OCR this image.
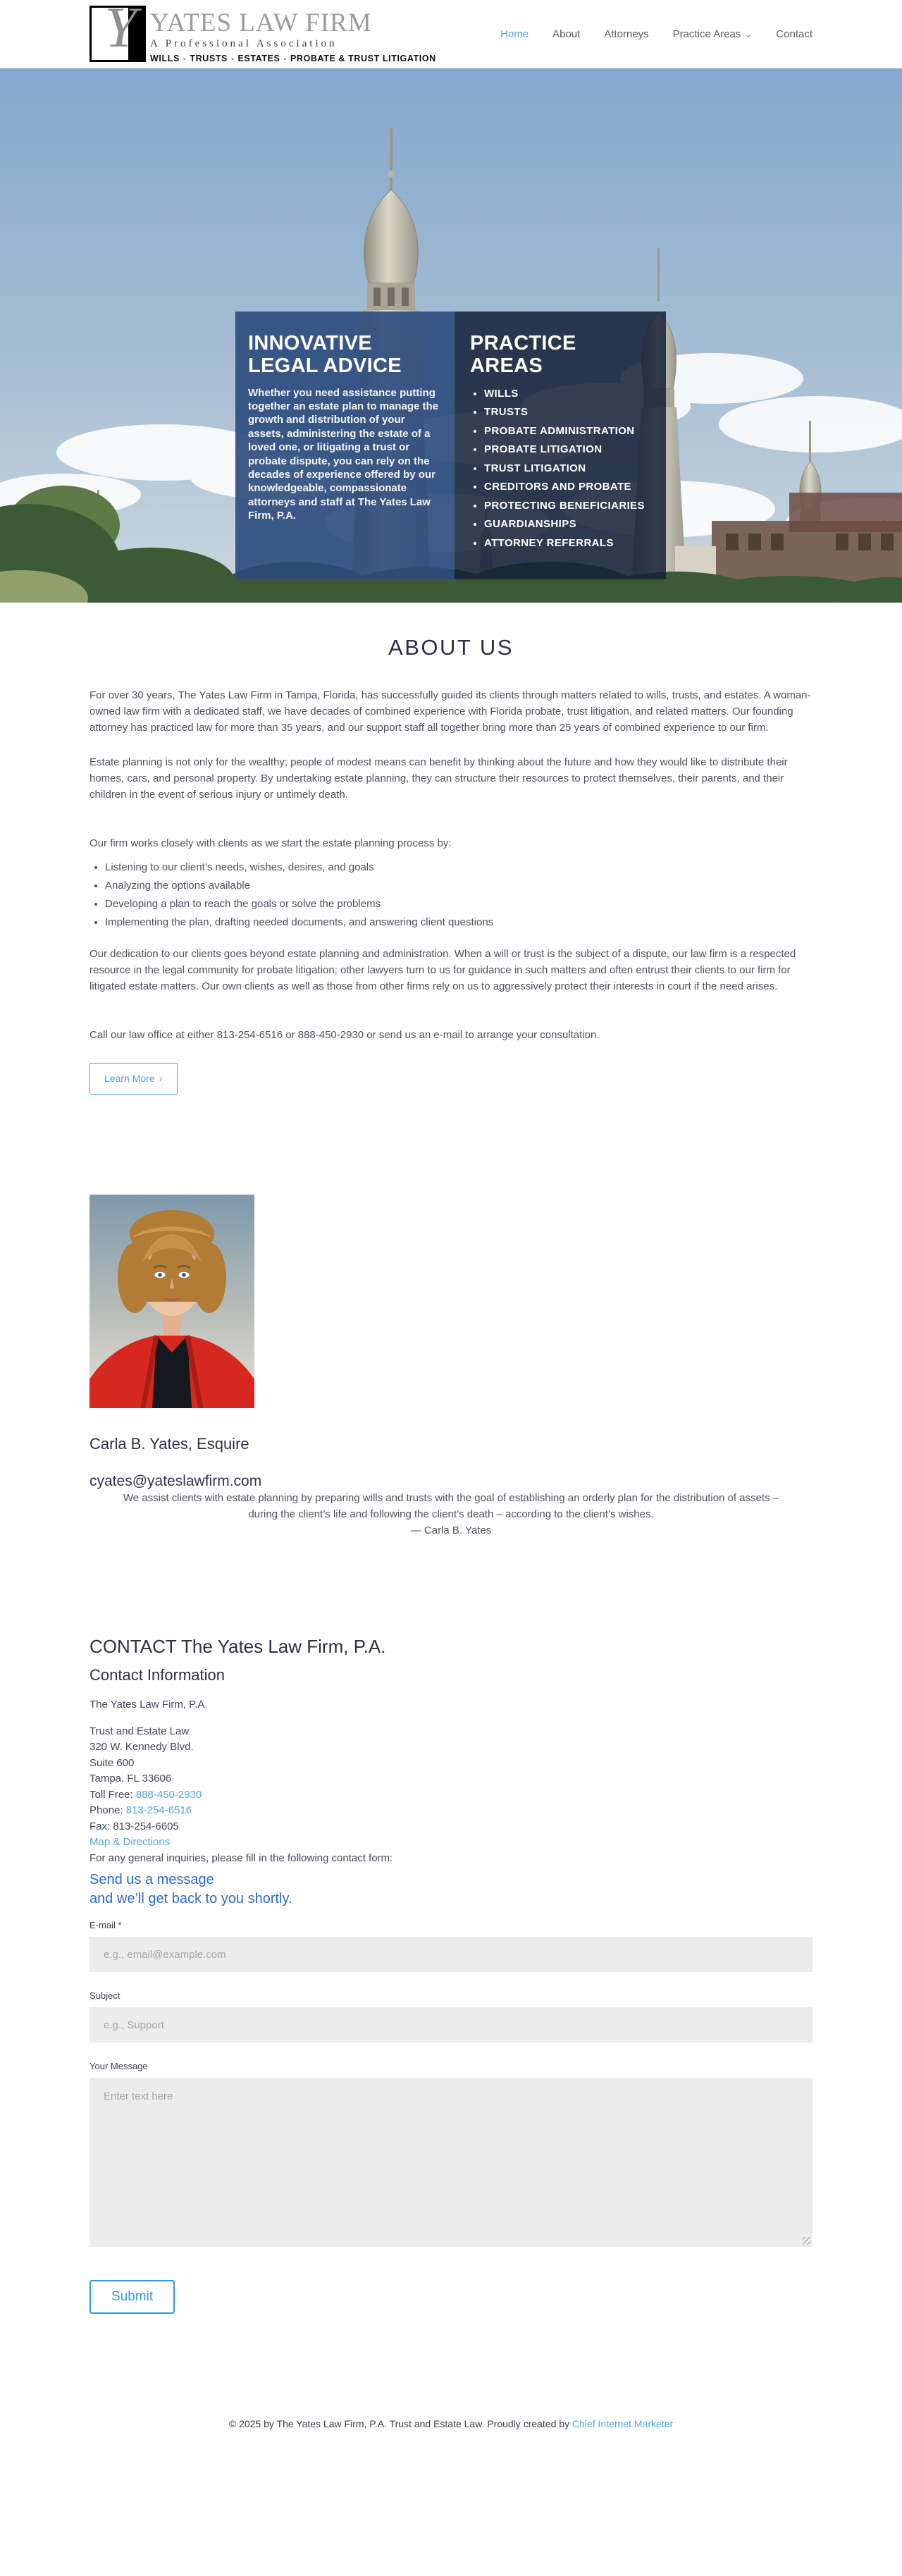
Y YATES LAW FIRM
A Professional Association
WILLS ▪ TRUSTS ▪ ESTATES ▪ PROBATE & TRUST LITIGATION
Home About Attorneys Practice Areas ⌄ Contact
INNOVATIVE
LEGAL ADVICE

Whether you need assistance putting together an estate plan to manage the growth and distribution of your assets, administering the estate of a loved one, or litigating a trust or probate dispute, you can rely on the decades of experience offered by our knowledgeable, compassionate attorneys and staff at The Yates Law Firm, P.A.

PRACTICE
AREAS
• WILLS
• TRUSTS
• PROBATE ADMINISTRATION
• PROBATE LITIGATION
• TRUST LITIGATION
• CREDITORS AND PROBATE
• PROTECTING BENEFICIARIES
• GUARDIANSHIPS
• ATTORNEY REFERRALS
ABOUT US

For over 30 years, The Yates Law Firm in Tampa, Florida, has successfully guided its clients through matters related to wills, trusts, and estates. A woman-owned law firm with a dedicated staff, we have decades of combined experience with Florida probate, trust litigation, and related matters. Our founding attorney has practiced law for more than 35 years, and our support staff all together bring more than 25 years of combined experience to our firm.

Estate planning is not only for the wealthy; people of modest means can benefit by thinking about the future and how they would like to distribute their homes, cars, and personal property. By undertaking estate planning, they can structure their resources to protect themselves, their parents, and their children in the event of serious injury or untimely death.

Our firm works closely with clients as we start the estate planning process by:

• Listening to our client’s needs, wishes, desires, and goals
• Analyzing the options available
• Developing a plan to reach the goals or solve the problems
• Implementing the plan, drafting needed documents, and answering client questions

Our dedication to our clients goes beyond estate planning and administration. When a will or trust is the subject of a dispute, our law firm is a respected resource in the legal community for probate litigation; other lawyers turn to us for guidance in such matters and often entrust their clients to our firm for litigated estate matters. Our own clients as well as those from other firms rely on us to aggressively protect their interests in court if the need arises.

Call our law office at either 813-254-6516 or 888-450-2930 or send us an e-mail to arrange your consultation.

Learn More ›
Carla B. Yates, Esquire
cyates@yateslawfirm.com

We assist clients with estate planning by preparing wills and trusts with the goal of establishing an orderly plan for the distribution of assets – during the client’s life and following the client’s death – according to the client’s wishes.

— Carla B. Yates

CONTACT The Yates Law Firm, P.A.
Contact Information

The Yates Law Firm, P.A.

Trust and Estate Law

320 W. Kennedy Blvd.

Suite 600

Tampa, FL 33606

Toll Free: 888-450-2930

Phone: 813-254-6516

Fax: 813-254-6605

Map & Directions

For any general inquiries, please fill in the following contact form:

Send us a message
and we’ll get back to you shortly.
E-mail *
e.g., email@example.com
Subject
e.g., Support
Your Message
Enter text here
Submit
© 2025 by The Yates Law Firm, P.A. Trust and Estate Law. Proudly created by Chief Internet Marketer
